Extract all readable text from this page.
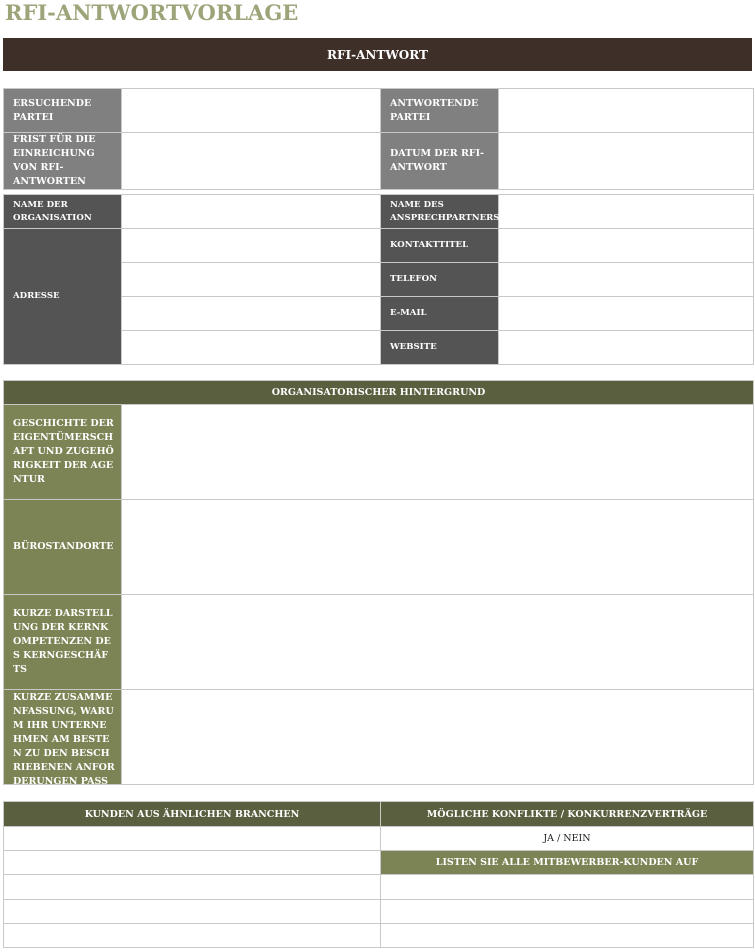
RFI-ANTWORTVORLAGE
RFI-ANTWORT
ERSUCHENDE PARTEI		ANTWORTENDE PARTEI	
FRIST FÜR DIE EINREICHUNG VON RFI-ANTWORTEN		DATUM DER RFI-ANTWORT	
NAME DER ORGANISATION		NAME DES ANSPRECHPARTNERS	
ADRESSE		KONTAKTTITEL	
		TELEFON	
		E-MAIL	
		WEBSITE	
ORGANISATORISCHER HINTERGRUND	

GESCHICHTE DER EIGENTÜMERSCHAFT UND ZUGEHÖRIGKEIT DER AGENTUR	

BÜROSTANDORTE	

KURZE DARSTELLUNG DER KERNKOMPETENZEN DES KERNGESCHÄFTS	

KURZE ZUSAMMENFASSUNG, WARUM IHR UNTERNEHMEN AM BESTEN ZU DEN BESCHRIEBENEN ANFORDERUNGEN PASST	

KUNDEN AUS ÄHNLICHEN BRANCHEN	MÖGLICHE KONFLIKTE / KONKURRENZVERTRÄGE
	JA / NEIN
	LISTEN SIE ALLE MITBEWERBER-KUNDEN AUF
